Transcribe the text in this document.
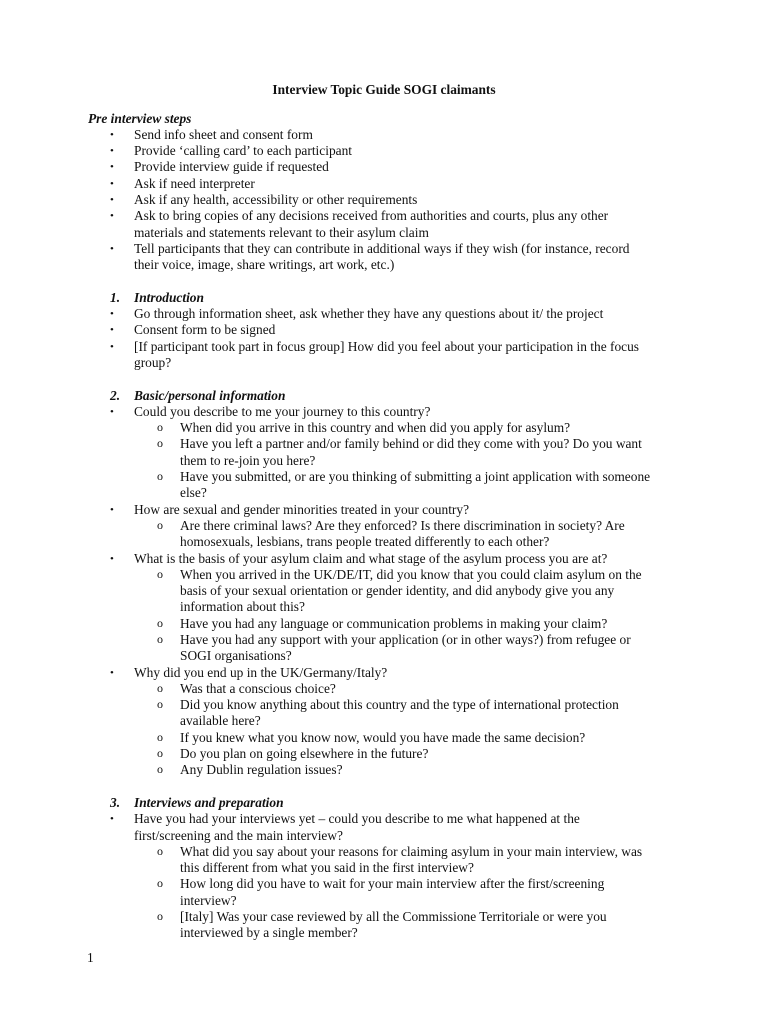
Interview Topic Guide SOGI claimants
Pre interview steps
• Send info sheet and consent form
• Provide ‘calling card’ to each participant
• Provide interview guide if requested
• Ask if need interpreter
• Ask if any health, accessibility or other requirements
• Ask to bring copies of any decisions received from authorities and courts, plus any other
materials and statements relevant to their asylum claim
• Tell participants that they can contribute in additional ways if they wish (for instance, record
their voice, image, share writings, art work, etc.)
1. Introduction
• Go through information sheet, ask whether they have any questions about it/ the project
• Consent form to be signed
• [If participant took part in focus group] How did you feel about your participation in the focus
group?
2. Basic/personal information
• Could you describe to me your journey to this country?
o When did you arrive in this country and when did you apply for asylum?
o Have you left a partner and/or family behind or did they come with you? Do you want
them to re-join you here?
o Have you submitted, or are you thinking of submitting a joint application with someone
else?
• How are sexual and gender minorities treated in your country?
o Are there criminal laws? Are they enforced? Is there discrimination in society? Are
homosexuals, lesbians, trans people treated differently to each other?
• What is the basis of your asylum claim and what stage of the asylum process you are at?
o When you arrived in the UK/DE/IT, did you know that you could claim asylum on the
basis of your sexual orientation or gender identity, and did anybody give you any
information about this?
o Have you had any language or communication problems in making your claim?
o Have you had any support with your application (or in other ways?) from refugee or
SOGI organisations?
• Why did you end up in the UK/Germany/Italy?
o Was that a conscious choice?
o Did you know anything about this country and the type of international protection
available here?
o If you knew what you know now, would you have made the same decision?
o Do you plan on going elsewhere in the future?
o Any Dublin regulation issues?
3. Interviews and preparation
• Have you had your interviews yet – could you describe to me what happened at the
first/screening and the main interview?
o What did you say about your reasons for claiming asylum in your main interview, was
this different from what you said in the first interview?
o How long did you have to wait for your main interview after the first/screening
interview?
o [Italy] Was your case reviewed by all the Commissione Territoriale or were you
interviewed by a single member?
1
